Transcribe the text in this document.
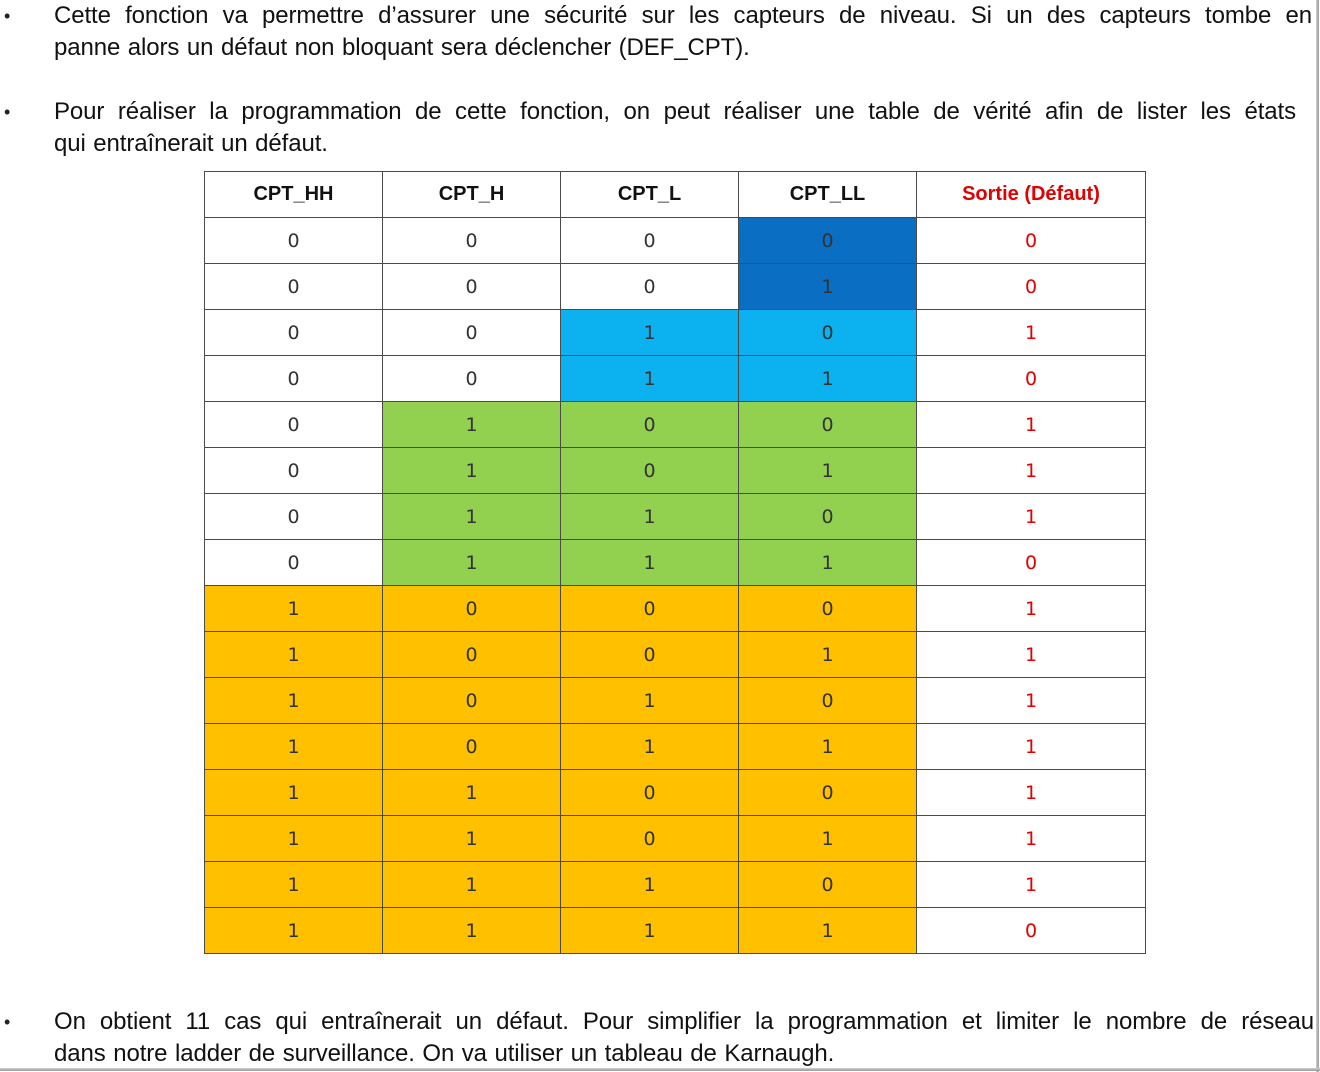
•	Cette fonction va permettre d’assurer une sécurité sur les capteurs de niveau. Si un des capteurs tombe en
panne alors un défaut non bloquant sera déclencher (DEF_CPT).
•	Pour réaliser la programmation de cette fonction, on peut réaliser une table de vérité afin de lister les états
qui entraînerait un défaut.
CPT_HH	CPT_H	CPT_L	CPT_LL	Sortie (Défaut)
0	0	0	0	0
0	0	0	1	0
0	0	1	0	1
0	0	1	1	0
0	1	0	0	1
0	1	0	1	1
0	1	1	0	1
0	1	1	1	0
1	0	0	0	1
1	0	0	1	1
1	0	1	0	1
1	0	1	1	1
1	1	0	0	1
1	1	0	1	1
1	1	1	0	1
1	1	1	1	0
•	On obtient 11 cas qui entraînerait un défaut. Pour simplifier la programmation et limiter le nombre de réseau
dans notre ladder de surveillance. On va utiliser un tableau de Karnaugh.
